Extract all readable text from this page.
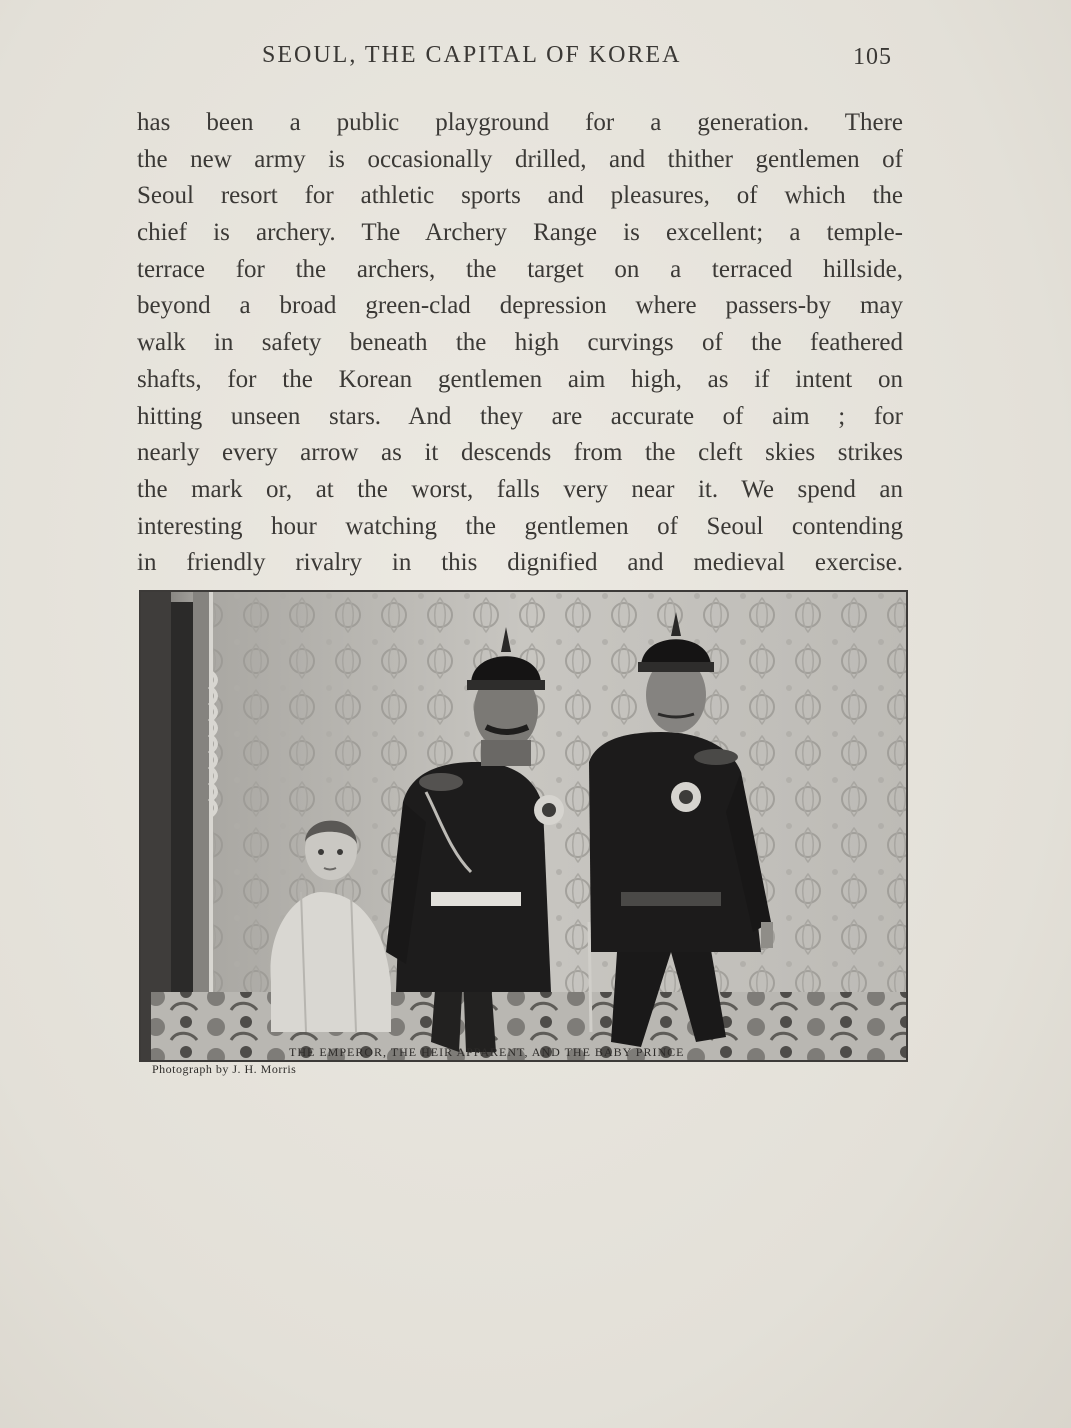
SEOUL, THE CAPITAL OF KOREA	105
has been a public playground for a generation. There
the new army is occasionally drilled, and thither gentlemen of
Seoul resort for athletic sports and pleasures, of which the
chief is archery. The Archery Range is excellent; a temple-
terrace for the archers, the target on a terraced hillside,
beyond a broad green-clad depression where passers-by may
walk in safety beneath the high curvings of the feathered
shafts, for the Korean gentlemen aim high, as if intent on
hitting unseen stars. And they are accurate of aim ; for
nearly every arrow as it descends from the cleft skies strikes
the mark or, at the worst, falls very near it. We spend an
interesting hour watching the gentlemen of Seoul contending
in friendly rivalry in this dignified and medieval exercise.
Photograph by J. H. Morris
THE EMPEROR, THE HEIR APPARENT, AND THE BABY PRINCE
